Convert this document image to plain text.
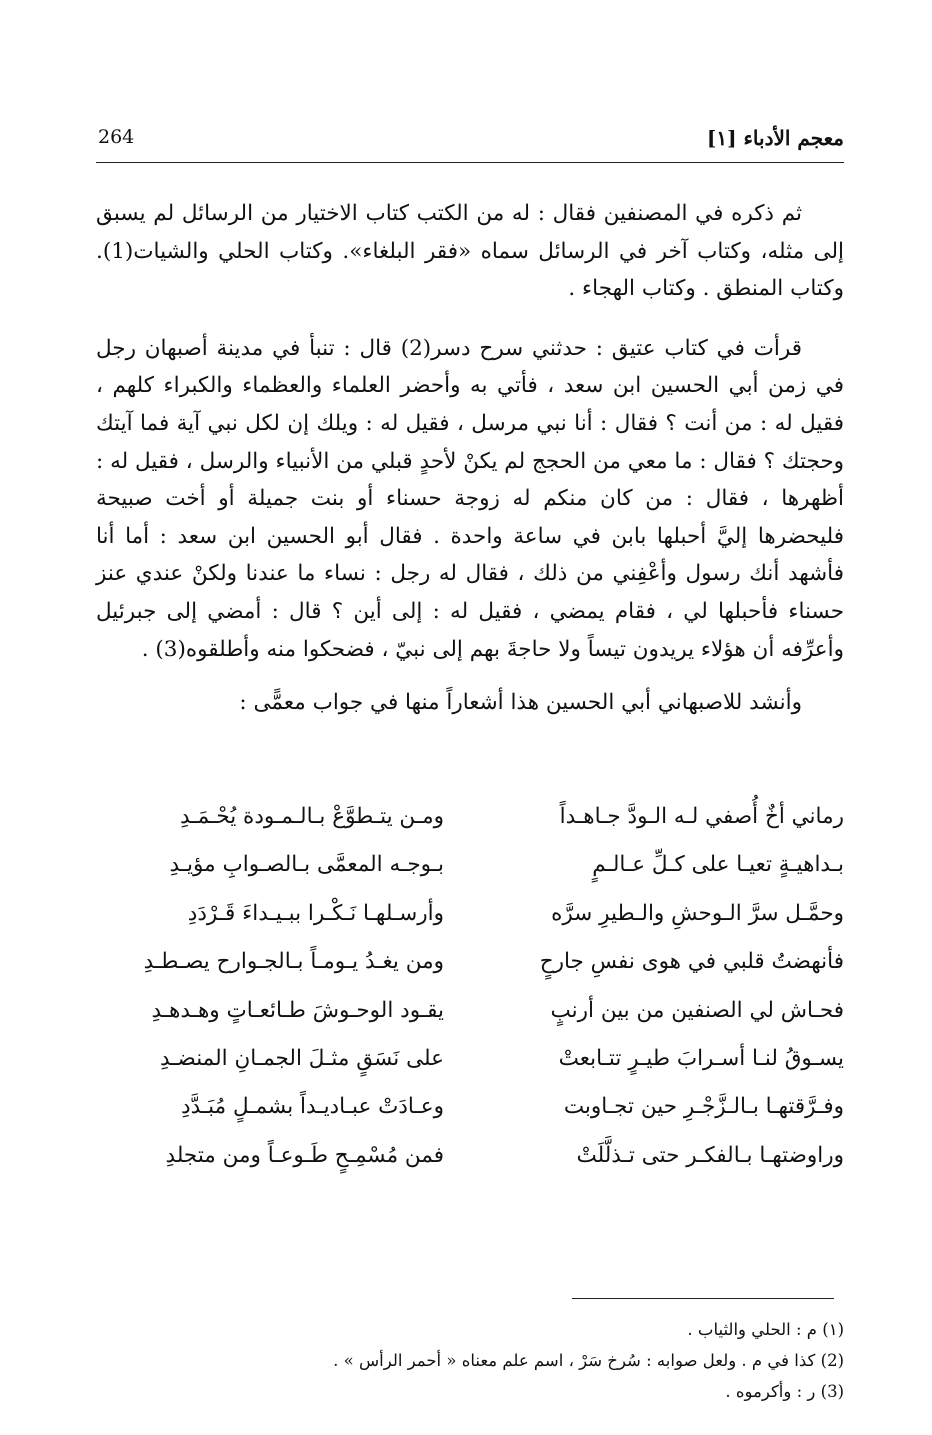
معجم الأدباء [١]
264

ثم ذكره في المصنفين فقال : له من الكتب كتاب الاختيار من الرسائل لم يسبق إلى مثله، وكتاب آخر في الرسائل سماه «فقر البلغاء». وكتاب الحلي والشيات(1). وكتاب المنطق . وكتاب الهجاء .

قرأت في كتاب عتيق : حدثني سرح دسر(2) قال : تنبأ في مدينة أصبهان رجل في زمن أبي الحسين ابن سعد ، فأتي به وأحضر العلماء والعظماء والكبراء كلهم ، فقيل له : من أنت ؟ فقال : أنا نبي مرسل ، فقيل له : ويلك إن لكل نبي آية فما آيتك وحجتك ؟ فقال : ما معي من الحجج لم يكنْ لأحدٍ قبلي من الأنبياء والرسل ، فقيل له : أظهرها ، فقال : من كان منكم له زوجة حسناء أو بنت جميلة أو أخت صبيحة فليحضرها إليَّ أحبلها بابن في ساعة واحدة . فقال أبو الحسين ابن سعد : أما أنا فأشهد أنك رسول وأعْفِني من ذلك ، فقال له رجل : نساء ما عندنا ولكنْ عندي عنز حسناء فأحبلها لي ، فقام يمضي ، فقيل له : إلى أين ؟ قال : أمضي إلى جبرئيل وأعرِّفه أن هؤلاء يريدون تيساً ولا حاجةَ بهم إلى نبيّ ، فضحكوا منه وأطلقوه(3) .

وأنشد للاصبهاني أبي الحسين هذا أشعاراً منها في جواب معمًّى :

رماني أخٌ أُصفي لـه الـودَّ جـاهـداً
ومـن يتـطوَّعْ بـالـمـودة يُحْـمَـدِ
بـداهيـةٍ تعيـا على كـلِّ عـالـمٍ
بـوجـه المعمَّى بـالصـوابِ مؤيـدِ
وحمَّـل سرَّ الـوحشِ والـطيرِ سرَّه
وأرسـلهـا نَـكْـرا ببـيـداءَ قَـرْدَدِ
فأنهضتُ قلبي في هوى نفسِ جارحٍ
ومن يغـدُ يـومـاً بـالجـوارح يصـطـدِ
فحـاش لي الصنفين من بين أرنبٍ
يقـود الوحـوشَ طـائعـاتٍ وهـدهـدِ
يسـوقُ لنـا أسـرابَ طيـرٍ تتـابعتْ
على نَسَقٍ مثـلَ الجمـانِ المنضـدِ
وفـرَّقتهـا بـالـزَّجْـرِ حين تجـاوبت
وعـادَتْ عبـاديـداً بشمـلٍ مُبَـدَّدِ
وراوضتهـا بـالفكـر حتى تـذلَّلَتْ
فمن مُسْمِـحٍ طَـوعـاً ومن متجلدِ

(١) م : الحلي والثياب .

(2) كذا في م . ولعل صوابه : سُرخ سَرْ ، اسم علم معناه « أحمر الرأس » .

(3) ر : وأكرموه .
